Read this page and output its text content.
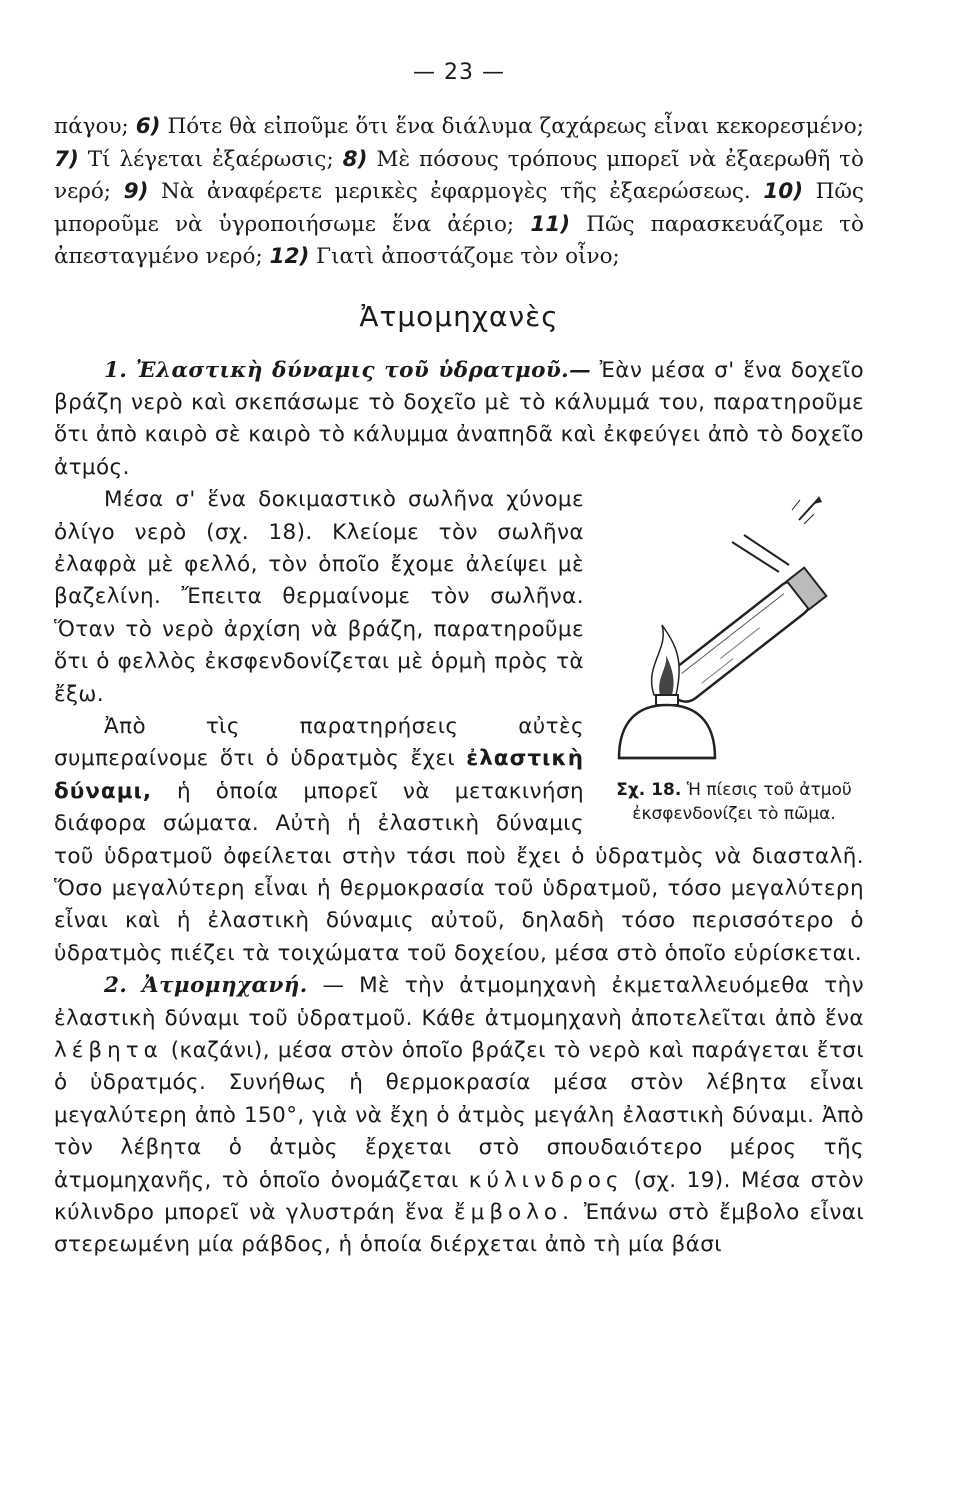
— 23 —

πάγου; 6) Πότε θὰ εἰποῦμε ὅτι ἕνα διάλυμα ζαχάρεως εἶναι κεκορεσμένο; 7) Τί λέγεται ἐξαέρωσις; 8) Μὲ πόσους τρόπους μπορεῖ νὰ ἐξαερωθῆ τὸ νερό; 9) Νὰ ἀναφέρετε μερικὲς ἐφαρμογὲς τῆς ἐξαερώσεως. 10) Πῶς μποροῦμε νὰ ὑγροποιήσωμε ἕνα ἀέριο; 11) Πῶς παρασκευάζομε τὸ ἀπεσταγμένο νερό; 12) Γιατὶ ἀποστάζομε τὸν οἶνο;

Ἀτμομηχανὲς

1. Ἐλαστικὴ δύναμις τοῦ ὑδρατμοῦ.— Ἐὰν μέσα σ' ἕνα δοχεῖο βράζη νερὸ καὶ σκεπάσωμε τὸ δοχεῖο μὲ τὸ κάλυμμά του, παρατηροῦμε ὅτι ἀπὸ καιρὸ σὲ καιρὸ τὸ κάλυμμα ἀναπηδᾶ καὶ ἐκφεύγει ἀπὸ τὸ δοχεῖο ἀτμός.

Σχ. 18. Ἡ πίεσις τοῦ ἀτμοῦ ἐκσφενδονίζει τὸ πῶμα.

Μέσα σ' ἕνα δοκιμαστικὸ σωλῆνα χύνομε ὀλίγο νερὸ (σχ. 18). Κλείομε τὸν σωλῆνα ἐλαφρὰ μὲ φελλό, τὸν ὁποῖο ἔχομε ἀλείψει μὲ βαζελίνη. Ἔπειτα θερμαίνομε τὸν σωλῆνα. Ὅταν τὸ νερὸ ἀρχίση νὰ βράζη, παρατηροῦμε ὅτι ὁ φελλὸς ἐκσφενδονίζεται μὲ ὁρμὴ πρὸς τὰ ἔξω.

Ἀπὸ τὶς παρατηρήσεις αὐτὲς συμπεραίνομε ὅτι ὁ ὑδρατμὸς ἔχει ἐλαστικὴ δύναμι, ἡ ὁποία μπορεῖ νὰ μετακινήση διάφορα σώματα. Αὐτὴ ἡ ἐλαστικὴ δύναμις τοῦ ὑδρατμοῦ ὀφείλεται στὴν τάσι ποὺ ἔχει ὁ ὑδρατμὸς νὰ διασταλῆ. Ὅσο μεγαλύτερη εἶναι ἡ θερμοκρασία τοῦ ὑδρατμοῦ, τόσο μεγαλύτερη εἶναι καὶ ἡ ἐλαστικὴ δύναμις αὐτοῦ, δηλαδὴ τόσο περισσότερο ὁ ὑδρατμὸς πιέζει τὰ τοιχώματα τοῦ δοχείου, μέσα στὸ ὁποῖο εὑρίσκεται.

2. Ἀτμομηχανή. — Μὲ τὴν ἀτμομηχανὴ ἐκμεταλλευόμεθα τὴν ἐλαστικὴ δύναμι τοῦ ὑδρατμοῦ. Κάθε ἀτμομηχανὴ ἀποτελεῖται ἀπὸ ἕνα λέβητα (καζάνι), μέσα στὸν ὁποῖο βράζει τὸ νερὸ καὶ παράγεται ἔτσι ὁ ὑδρατμός. Συνήθως ἡ θερμοκρασία μέσα στὸν λέβητα εἶναι μεγαλύτερη ἀπὸ 150°, γιὰ νὰ ἔχη ὁ ἀτμὸς μεγάλη ἐλαστικὴ δύναμι. Ἀπὸ τὸν λέβητα ὁ ἀτμὸς ἔρχεται στὸ σπουδαιότερο μέρος τῆς ἀτμομηχανῆς, τὸ ὁποῖο ὀνομάζεται κύλινδρος (σχ. 19). Μέσα στὸν κύλινδρο μπορεῖ νὰ γλυστράη ἕνα ἔμβολο. Ἐπάνω στὸ ἔμβολο εἶναι στερεωμένη μία ράβδος, ἡ ὁποία διέρχεται ἀπὸ τὴ μία βάσι
